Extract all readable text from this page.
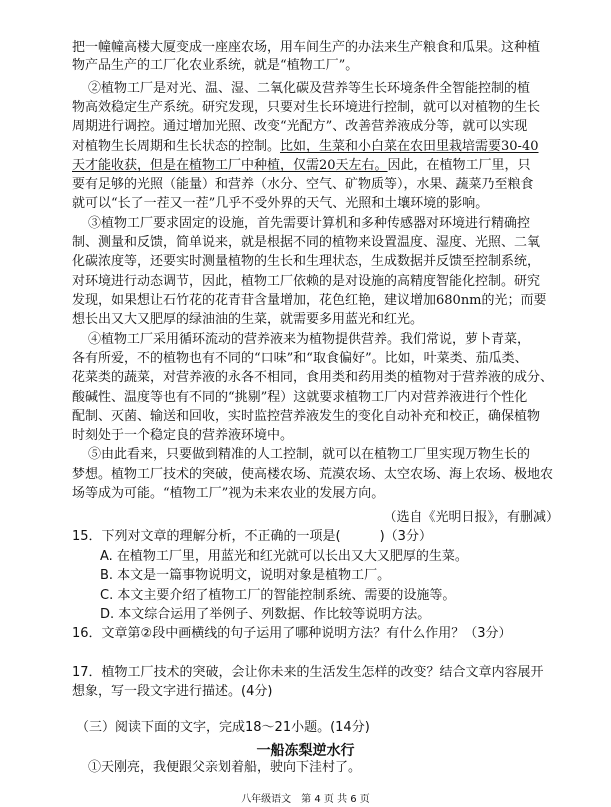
把一幢幢高楼大厦变成一座座农场，用车间生产的办法来生产粮食和瓜果。这种植
物产品生产的工厂化农业系统，就是“植物工厂”。
②植物工厂是对光、温、湿、二氧化碳及营养等生长环境条件全智能控制的植
物高效稳定生产系统。研究发现，只要对生长环境进行控制，就可以对植物的生长
周期进行调控。通过增加光照、改变“光配方”、改善营养液成分等，就可以实现
对植物生长周期和生长状态的控制。比如，生菜和小白菜在农田里栽培需要30-40
天才能收获，但是在植物工厂中种植，仅需20天左右。因此，在植物工厂里，只
要有足够的光照（能量）和营养（水分、空气、矿物质等），水果、蔬菜乃至粮食
就可以“长了一茬又一茬”几乎不受外界的天气、光照和土壤环境的影响。
③植物工厂要求固定的设施，首先需要计算机和多种传感器对环境进行精确控
制、测量和反馈，简单说来，就是根据不同的植物来设置温度、湿度、光照、二氧
化碳浓度等，还要实时测量植物的生长和生理状态，生成数据并反馈至控制系统，
对环境进行动态调节，因此，植物工厂依赖的是对设施的高精度智能化控制。研究
发现，如果想让石竹花的花青苷含量增加，花色红艳，建议增加680nm的光；而要
想长出又大又肥厚的绿油油的生菜，就需要多用蓝光和红光。
④植物工厂采用循环流动的营养液来为植物提供营养。我们常说，萝卜青菜，
各有所爱，不的植物也有不同的“口味”和“取食偏好”。比如，叶菜类、茄瓜类、
花菜类的蔬菜，对营养液的永各不相同，食用类和药用类的植物对于营养液的成分、
酸碱性、温度等也有不同的“挑剔”程）这就要求植物工厂内对营养液进行个性化
配制、灭菌、输送和回收，实时监控营养液发生的变化自动补充和校正，确保植物
时刻处于一个稳定良的营养液环境中。
⑤由此看来，只要做到精准的人工控制，就可以在植物工厂里实现万物生长的
梦想。植物工厂技术的突破，使高楼农场、荒漠农场、太空农场、海上农场、极地农
场等成为可能。“植物工厂”视为未来农业的发展方向。
（选自《光明日报》，有删减）
15．下列对文章的理解分析，不正确的一项是(　　　)（3分）
A. 在植物工厂里，用蓝光和红光就可以长出又大又肥厚的生菜。
B. 本文是一篇事物说明文，说明对象是植物工厂。
C. 本文主要介绍了植物工厂的智能控制系统、需要的设施等。
D. 本文综合运用了举例子、列数据、作比较等说明方法。
16．文章第②段中画横线的句子运用了哪种说明方法？有什么作用？（3分）
17．植物工厂技术的突破，会让你未来的生活发生怎样的改变？结合文章内容展开
想象，写一段文字进行描述。(4分)
（三）阅读下面的文字，完成18～21小题。(14分)
一船冻梨逆水行
①天刚亮，我便跟父亲划着船，驶向下洼村了。
八年级语文　第 4 页 共 6 页
